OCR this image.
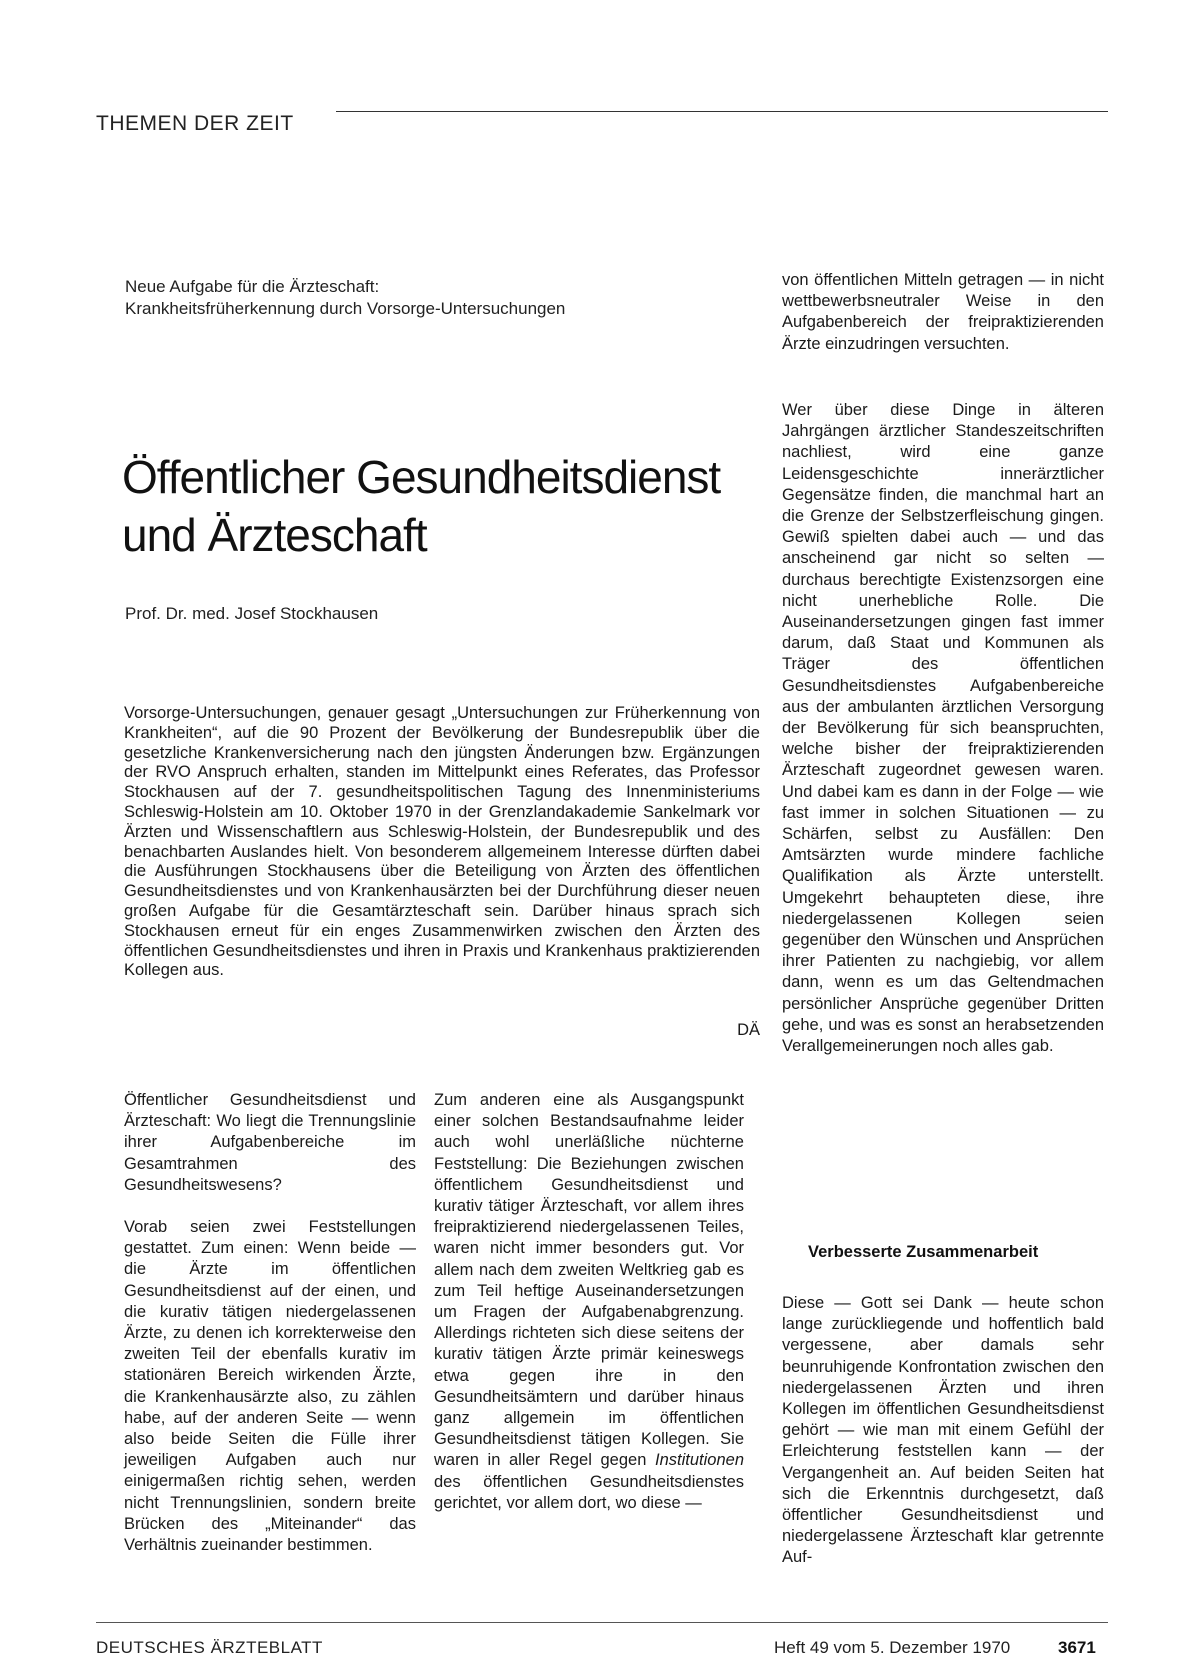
THEMEN DER ZEIT
Neue Aufgabe für die Ärzteschaft:
Krankheitsfrüherkennung durch Vorsorge-Untersuchungen
Öffentlicher Gesundheitsdienst
und Ärzteschaft
Prof. Dr. med. Josef Stockhausen
Vorsorge-Untersuchungen, genauer gesagt „Untersuchungen zur Früherkennung von Krankheiten“, auf die 90 Prozent der Bevölkerung der Bundesrepublik über die gesetzliche Krankenversicherung nach den jüngsten Änderungen bzw. Ergänzungen der RVO Anspruch erhalten, standen im Mittelpunkt eines Referates, das Professor Stockhausen auf der 7. gesundheitspolitischen Tagung des Innenministeriums Schleswig-Holstein am 10. Oktober 1970 in der Grenzlandakademie Sankelmark vor Ärzten und Wissenschaftlern aus Schleswig-Holstein, der Bundesrepublik und des benachbarten Auslandes hielt. Von besonderem allgemeinem Interesse dürften dabei die Ausführungen Stockhausens über die Beteiligung von Ärzten des öffentlichen Gesundheitsdienstes und von Krankenhausärzten bei der Durchführung dieser neuen großen Aufgabe für die Gesamtärzteschaft sein. Darüber hinaus sprach sich Stockhausen erneut für ein enges Zusammenwirken zwischen den Ärzten des öffentlichen Gesundheitsdienstes und ihren in Praxis und Krankenhaus praktizierenden Kollegen aus.
DÄ

Öffentlicher Gesundheitsdienst und Ärzteschaft: Wo liegt die Trennungslinie ihrer Aufgabenbereiche im Gesamtrahmen des Gesundheitswesens?

Vorab seien zwei Feststellungen gestattet. Zum einen: Wenn beide — die Ärzte im öffentlichen Gesundheitsdienst auf der einen, und die kurativ tätigen niedergelassenen Ärzte, zu denen ich korrekterweise den zweiten Teil der ebenfalls kurativ im stationären Bereich wirkenden Ärzte, die Krankenhausärzte also, zu zählen habe, auf der anderen Seite — wenn also beide Seiten die Fülle ihrer jeweiligen Aufgaben auch nur einigermaßen richtig sehen, werden nicht Trennungslinien, sondern breite Brücken des „Miteinander“ das Verhältnis zueinander bestimmen.

Zum anderen eine als Ausgangspunkt einer solchen Bestandsaufnahme leider auch wohl unerläßliche nüchterne Feststellung: Die Beziehungen zwischen öffentlichem Gesundheitsdienst und kurativ tätiger Ärzteschaft, vor allem ihres freipraktizierend niedergelassenen Teiles, waren nicht immer besonders gut. Vor allem nach dem zweiten Weltkrieg gab es zum Teil heftige Auseinandersetzungen um Fragen der Aufgabenabgrenzung. Allerdings richteten sich diese seitens der kurativ tätigen Ärzte primär keineswegs etwa gegen ihre in den Gesundheitsämtern und darüber hinaus ganz allgemein im öffentlichen Gesundheitsdienst tätigen Kollegen. Sie waren in aller Regel gegen Institutionen des öffentlichen Gesundheitsdienstes gerichtet, vor allem dort, wo diese —

von öffentlichen Mitteln getragen — in nicht wettbewerbsneutraler Weise in den Aufgabenbereich der freipraktizierenden Ärzte einzudringen versuchten.

Wer über diese Dinge in älteren Jahrgängen ärztlicher Standeszeitschriften nachliest, wird eine ganze Leidensgeschichte innerärztlicher Gegensätze finden, die manchmal hart an die Grenze der Selbstzerfleischung gingen. Gewiß spielten dabei auch — und das anscheinend gar nicht so selten — durchaus berechtigte Existenzsorgen eine nicht unerhebliche Rolle. Die Auseinandersetzungen gingen fast immer darum, daß Staat und Kommunen als Träger des öffentlichen Gesundheitsdienstes Aufgabenbereiche aus der ambulanten ärztlichen Versorgung der Bevölkerung für sich beanspruchten, welche bisher der freipraktizierenden Ärzteschaft zugeordnet gewesen waren. Und dabei kam es dann in der Folge — wie fast immer in solchen Situationen — zu Schärfen, selbst zu Ausfällen: Den Amtsärzten wurde mindere fachliche Qualifikation als Ärzte unterstellt. Umgekehrt behaupteten diese, ihre niedergelassenen Kollegen seien gegenüber den Wünschen und Ansprüchen ihrer Patienten zu nachgiebig, vor allem dann, wenn es um das Geltendmachen persönlicher Ansprüche gegenüber Dritten gehe, und was es sonst an herabsetzenden Verallgemeinerungen noch alles gab.

Verbesserte Zusammenarbeit

Diese — Gott sei Dank — heute schon lange zurückliegende und hoffentlich bald vergessene, aber damals sehr beunruhigende Konfrontation zwischen den niedergelassenen Ärzten und ihren Kollegen im öffentlichen Gesundheitsdienst gehört — wie man mit einem Gefühl der Erleichterung feststellen kann — der Vergangenheit an. Auf beiden Seiten hat sich die Erkenntnis durchgesetzt, daß öffentlicher Gesundheitsdienst und niedergelassene Ärzteschaft klar getrennte Auf-

DEUTSCHES ÄRZTEBLATT	Heft 49 vom 5. Dezember 1970	3671
